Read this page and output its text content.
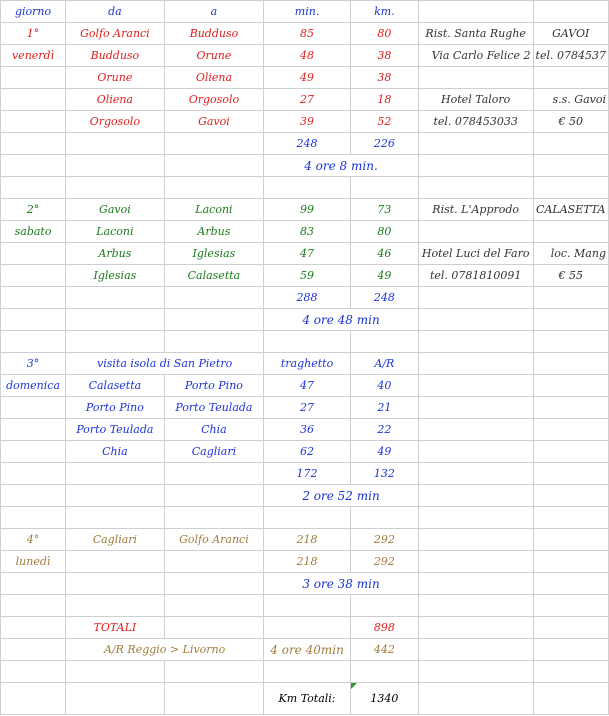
giorno	da	a	min.	km.		
1°	Golfo Aranci	Budduso	85	80	Rist. Santa Rughe	GAVOI
venerdì	Budduso	Orune	48	38	Via Carlo Felice 2	tel. 0784537
	Orune	Oliena	49	38		
	Oliena	Orgosolo	27	18	Hotel Taloro	s.s. Gavoi
	Orgosolo	Gavoi	39	52	tel. 078453033	€ 50
			248	226		
			4 ore 8 min.			

2°	Gavoi	Laconi	99	73	Rist. L'Approdo	CALASETTA
sabato	Laconi	Arbus	83	80		
	Arbus	Iglesias	47	46	Hotel Luci del Faro	loc. Mang
	Iglesias	Calasetta	59	49	tel. 0781810091	€ 55
			288	248		
			4 ore 48 min			

3°	visita isola di San Pietro		traghetto	A/R		
domenica	Calasetta	Porto Pino	47	40		
	Porto Pino	Porto Teulada	27	21		
	Porto Teulada	Chia	36	22		
	Chia	Cagliari	62	49		
			172	132		
			2 ore 52 min			

4°	Cagliari	Golfo Aranci	218	292		
lunedì			218	292		
			3 ore 38 min			

	TOTALI			898		
	A/R Reggio > Livorno		4 ore 40min	442		

			Km Totali:	1340		
